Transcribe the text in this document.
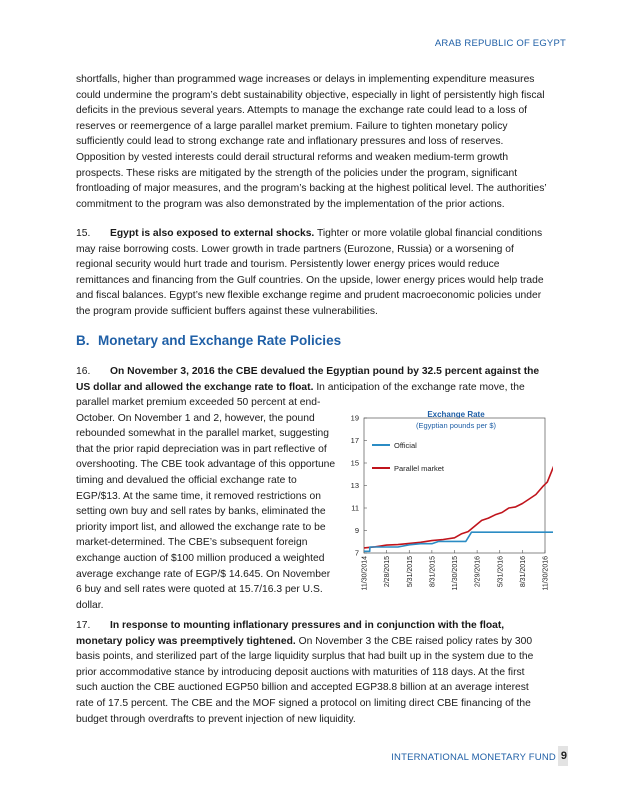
ARAB REPUBLIC OF EGYPT

shortfalls, higher than programmed wage increases or delays in implementing expenditure measures could undermine the program’s debt sustainability objective, especially in light of persistently high fiscal deficits in the previous several years. Attempts to manage the exchange rate could lead to a loss of reserves or reemergence of a large parallel market premium. Failure to tighten monetary policy sufficiently could lead to strong exchange rate and inflationary pressures and loss of reserves. Opposition by vested interests could derail structural reforms and weaken medium-term growth prospects. These risks are mitigated by the strength of the policies under the program, significant frontloading of major measures, and the program’s backing at the highest political level. The authorities’ commitment to the program was also demonstrated by the implementation of the prior actions.

15. Egypt is also exposed to external shocks. Tighter or more volatile global financial conditions may raise borrowing costs. Lower growth in trade partners (Eurozone, Russia) or a worsening of regional security would hurt trade and tourism. Persistently lower energy prices would reduce remittances and financing from the Gulf countries. On the upside, lower energy prices would help trade and fiscal balances. Egypt’s new flexible exchange regime and prudent macroeconomic policies under the program provide sufficient buffers against these vulnerabilities.

B. Monetary and Exchange Rate Policies

16. On November 3, 2016 the CBE devalued the Egyptian pound by 32.5 percent against the US dollar and allowed the exchange rate to float. In anticipation of the exchange rate move, the

parallel market premium exceeded 50 percent at end-October. On November 1 and 2, however, the pound rebounded somewhat in the parallel market, suggesting that the prior rapid depreciation was in part reflective of overshooting. The CBE took advantage of this opportune timing and devalued the official exchange rate to EGP/$13. At the same time, it removed restrictions on setting own buy and sell rates by banks, eliminated the priority import list, and allowed the exchange rate to be market-determined. The CBE’s subsequent foreign exchange auction of $100 million produced a weighted average exchange rate of EGP/$ 14.645. On November 6 buy and sell rates were quoted at 15.7/16.3 per U.S. dollar.

Exchange Rate
(Egyptian pounds per $)
7
9
11
13
15
17
19
11/30/2014 2/28/2015 5/31/2015 8/31/2015 11/30/2015 2/29/2016 5/31/2016 8/31/2016 11/30/2016
Official
Parallel market

17. In response to mounting inflationary pressures and in conjunction with the float, monetary policy was preemptively tightened. On November 3 the CBE raised policy rates by 300 basis points, and sterilized part of the large liquidity surplus that had built up in the system due to the prior accommodative stance by introducing deposit auctions with maturities of 118 days. At the first such auction the CBE auctioned EGP50 billion and accepted EGP38.8 billion at an average interest rate of 17.5 percent. The CBE and the MOF signed a protocol on limiting direct CBE financing of the budget through overdrafts to prevent injection of new liquidity.

INTERNATIONAL MONETARY FUND 9
